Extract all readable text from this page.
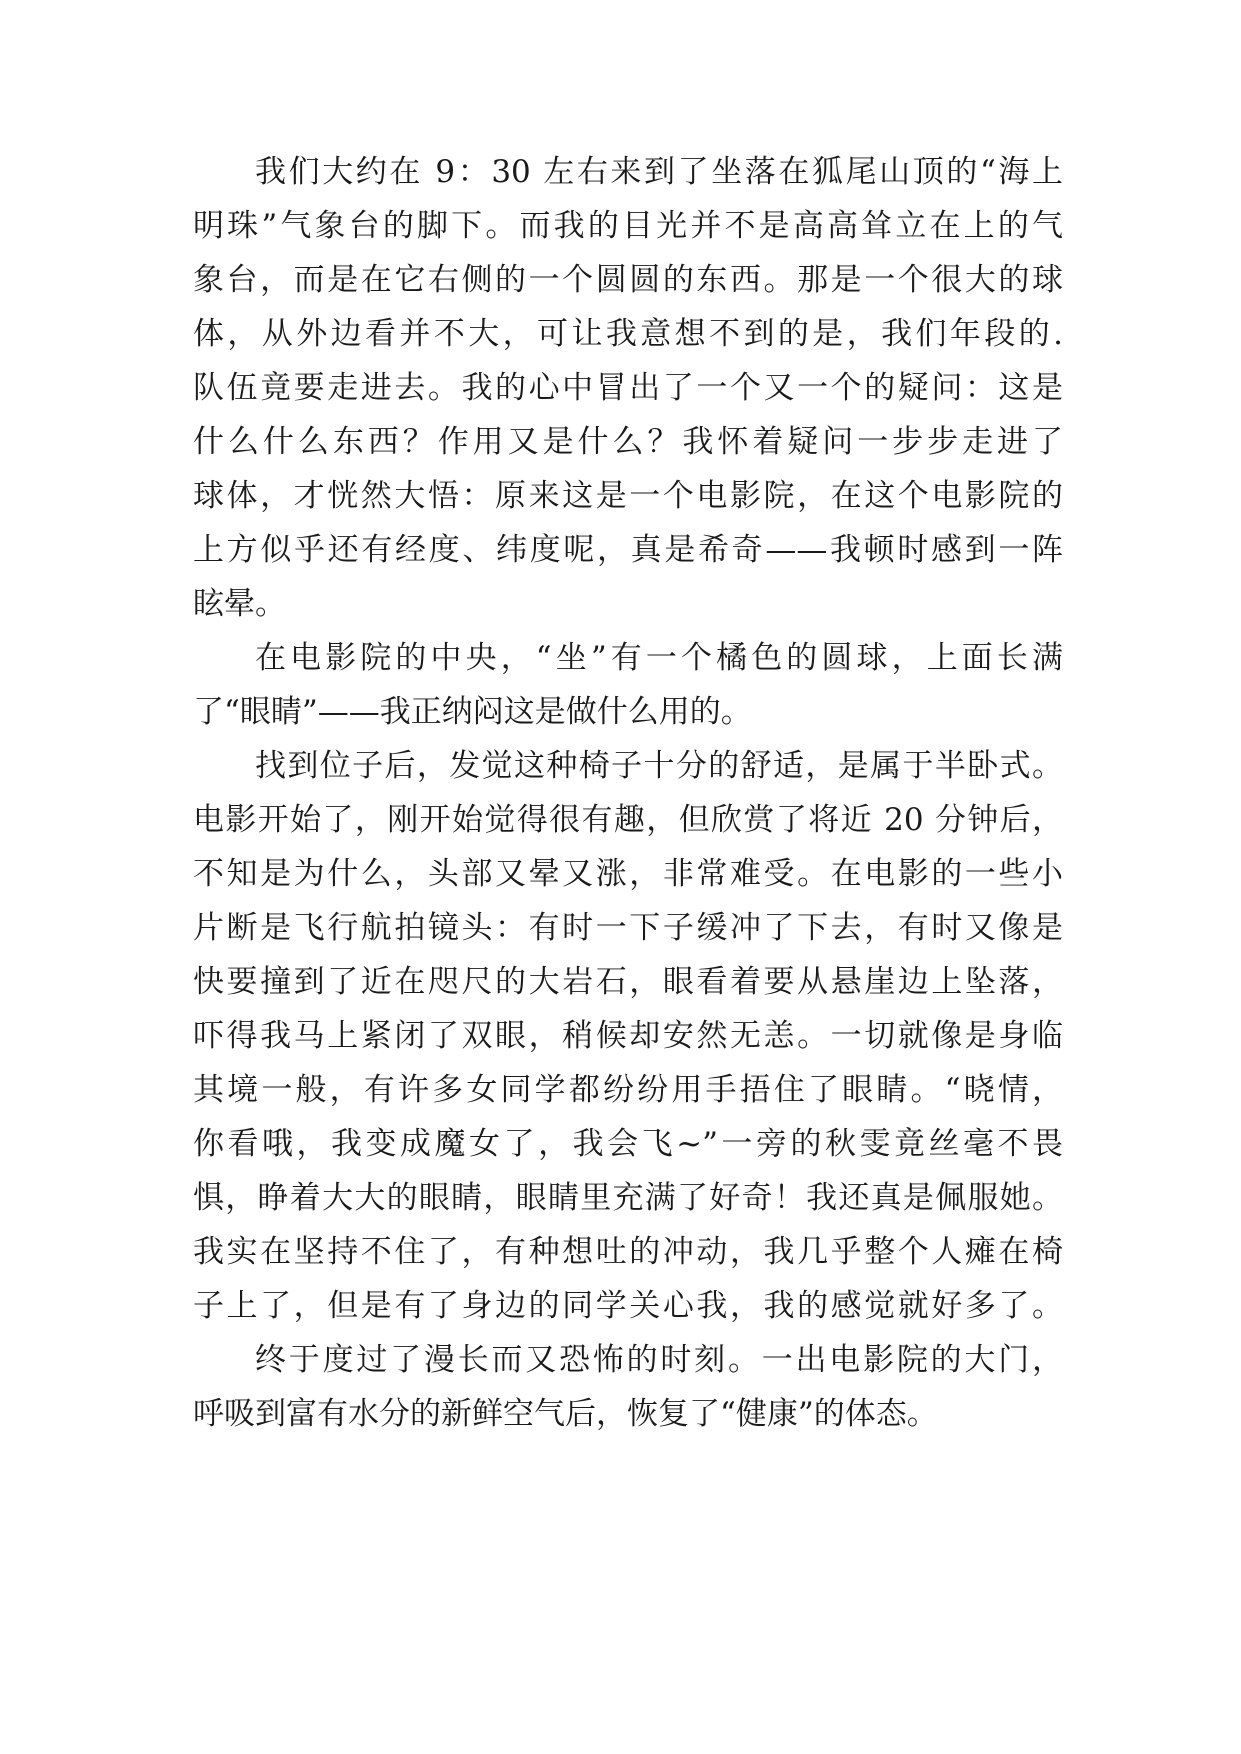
我们大约在 9：30 左右来到了坐落在狐尾山顶的“海上
明珠”气象台的脚下。而我的目光并不是高高耸立在上的气
象台，而是在它右侧的一个圆圆的东西。那是一个很大的球
体，从外边看并不大，可让我意想不到的是，我们年段的.
队伍竟要走进去。我的心中冒出了一个又一个的疑问：这是
什么什么东西？作用又是什么？我怀着疑问一步步走进了
球体，才恍然大悟：原来这是一个电影院，在这个电影院的
上方似乎还有经度、纬度呢，真是希奇——我顿时感到一阵
眩晕。
在电影院的中央，“坐”有一个橘色的圆球，上面长满
了“眼睛”——我正纳闷这是做什么用的。
找到位子后，发觉这种椅子十分的舒适，是属于半卧式。
电影开始了，刚开始觉得很有趣，但欣赏了将近 20 分钟后，
不知是为什么，头部又晕又涨，非常难受。在电影的一些小
片断是飞行航拍镜头：有时一下子缓冲了下去，有时又像是
快要撞到了近在咫尺的大岩石，眼看着要从悬崖边上坠落，
吓得我马上紧闭了双眼，稍候却安然无恙。一切就像是身临
其境一般，有许多女同学都纷纷用手捂住了眼睛。“晓情，
你看哦，我变成魔女了，我会飞~”一旁的秋雯竟丝毫不畏
惧，睁着大大的眼睛，眼睛里充满了好奇！我还真是佩服她。
我实在坚持不住了，有种想吐的冲动，我几乎整个人瘫在椅
子上了，但是有了身边的同学关心我，我的感觉就好多了。
终于度过了漫长而又恐怖的时刻。一出电影院的大门，
呼吸到富有水分的新鲜空气后，恢复了“健康”的体态。
